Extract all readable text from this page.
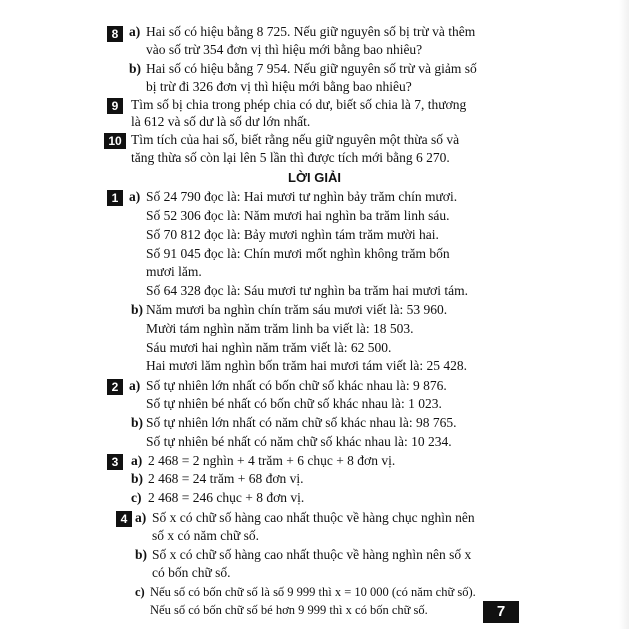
8 a) Hai số có hiệu bằng 8 725. Nếu giữ nguyên số bị trừ và thêm
vào số trừ 354 đơn vị thì hiệu mới bằng bao nhiêu?
b) Hai số có hiệu bằng 7 954. Nếu giữ nguyên số trừ và giảm số
bị trừ đi 326 đơn vị thì hiệu mới bằng bao nhiêu?
9 Tìm số bị chia trong phép chia có dư, biết số chia là 7, thương
là 612 và số dư là số dư lớn nhất.
10 Tìm tích của hai số, biết rằng nếu giữ nguyên một thừa số và
tăng thừa số còn lại lên 5 lần thì được tích mới bằng 6 270.
LỜI GIẢI
1 a) Số 24 790 đọc là: Hai mươi tư nghìn bảy trăm chín mươi.
Số 52 306 đọc là: Năm mươi hai nghìn ba trăm linh sáu.
Số 70 812 đọc là: Bảy mươi nghìn tám trăm mười hai.
Số 91 045 đọc là: Chín mươi mốt nghìn không trăm bốn
mươi lăm.
Số 64 328 đọc là: Sáu mươi tư nghìn ba trăm hai mươi tám.
b) Năm mươi ba nghìn chín trăm sáu mươi viết là: 53 960.
Mười tám nghìn năm trăm linh ba viết là: 18 503.
Sáu mươi hai nghìn năm trăm viết là: 62 500.
Hai mươi lăm nghìn bốn trăm hai mươi tám viết là: 25 428.
2 a) Số tự nhiên lớn nhất có bốn chữ số khác nhau là: 9 876.
Số tự nhiên bé nhất có bốn chữ số khác nhau là: 1 023.
b) Số tự nhiên lớn nhất có năm chữ số khác nhau là: 98 765.
Số tự nhiên bé nhất có năm chữ số khác nhau là: 10 234.
3 a) 2 468 = 2 nghìn + 4 trăm + 6 chục + 8 đơn vị.
b) 2 468 = 24 trăm + 68 đơn vị.
c) 2 468 = 246 chục + 8 đơn vị.
4 a) Số x có chữ số hàng cao nhất thuộc về hàng chục nghìn nên
số x có năm chữ số.
b) Số x có chữ số hàng cao nhất thuộc về hàng nghìn nên số x
có bốn chữ số.
c) Nếu số có bốn chữ số là số 9 999 thì x = 10 000 (có năm chữ số).
Nếu số có bốn chữ số bé hơn 9 999 thì x có bốn chữ số.	7
